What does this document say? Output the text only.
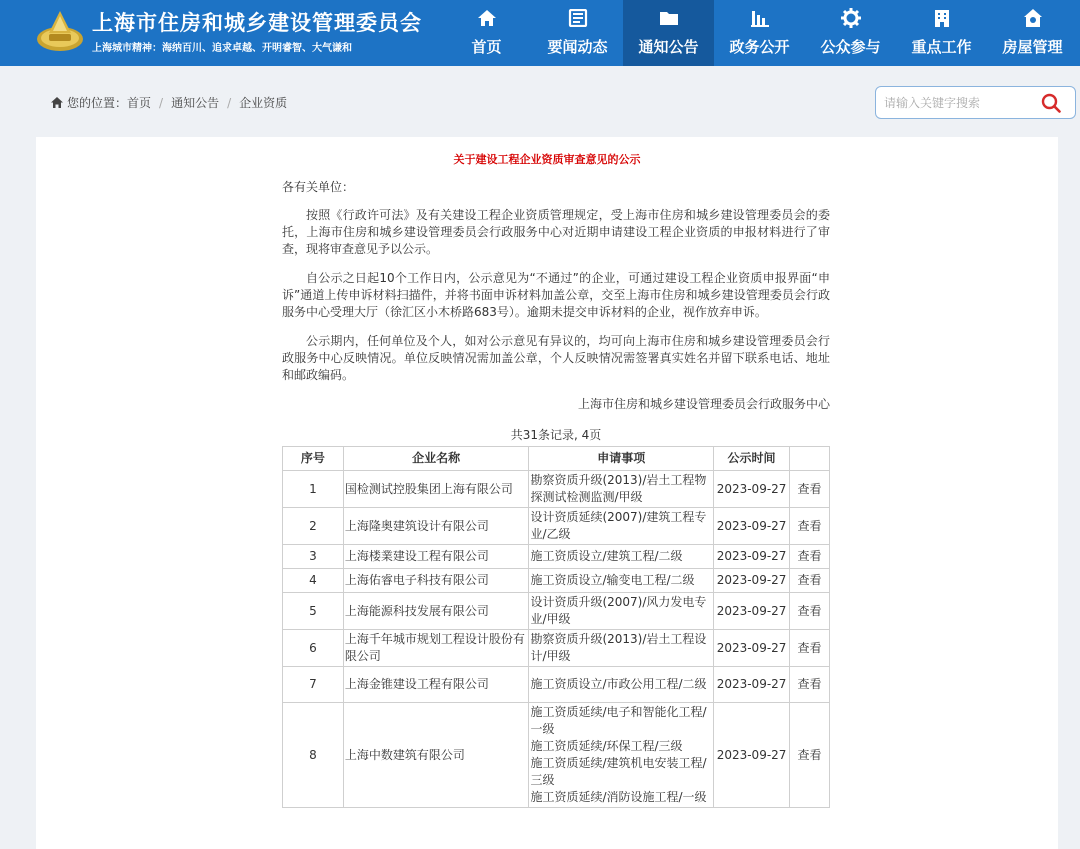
上海市住房和城乡建设管理委员会
上海城市精神：海纳百川、追求卓越、开明睿智、大气谦和	首页	要闻动态 通知公告 政务公开 公众参与 重点工作 房屋管理
您的位置： 首页 / 通知公告 / 企业资质
请输入关键字搜索
关于建设工程企业资质审查意见的公示
各有关单位：

按照《行政许可法》及有关建设工程企业资质管理规定，受上海市住房和城乡建设管理委员会的委托，上海市住房和城乡建设管理委员会行政服务中心对近期申请建设工程企业资质的申报材料进行了审查，现将审查意见予以公示。

自公示之日起10个工作日内，公示意见为“不通过”的企业，可通过建设工程企业资质申报界面“申诉”通道上传申诉材料扫描件，并将书面申诉材料加盖公章，交至上海市住房和城乡建设管理委员会行政服务中心受理大厅（徐汇区小木桥路683号）。逾期未提交申诉材料的企业，视作放弃申诉。

公示期内，任何单位及个人，如对公示意见有异议的，均可向上海市住房和城乡建设管理委员会行政服务中心反映情况。单位反映情况需加盖公章，个人反映情况需签署真实姓名并留下联系电话、地址和邮政编码。

上海市住房和城乡建设管理委员会行政服务中心
共31条记录, 4页
序号	企业名称	申请事项	公示时间	
1	国检测试控股集团上海有限公司	勘察资质升级(2013)/岩土工程物探测试检测监测/甲级	2023-09-27	查看
2	上海隆奥建筑设计有限公司	设计资质延续(2007)/建筑工程专业/乙级	2023-09-27	查看
3	上海楼業建设工程有限公司	施工资质设立/建筑工程/二级	2023-09-27	查看
4	上海佑睿电子科技有限公司	施工资质设立/输变电工程/二级	2023-09-27	查看
5	上海能源科技发展有限公司	设计资质升级(2007)/风力发电专业/甲级	2023-09-27	查看
6	上海千年城市规划工程设计股份有限公司	勘察资质升级(2013)/岩土工程设计/甲级	2023-09-27	查看
7	上海金锥建设工程有限公司	施工资质设立/市政公用工程/二级	2023-09-27	查看
8	上海中数建筑有限公司	施工资质延续/电子和智能化工程/一级
施工资质延续/环保工程/三级
施工资质延续/建筑机电安装工程/三级
施工资质延续/消防设施工程/一级	2023-09-27	查看
